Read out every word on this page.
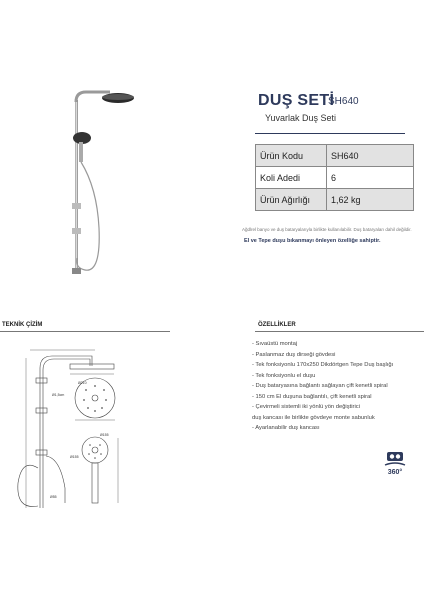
DUŞ SETİ
SH640
Yuvarlak Duş Seti
Ürün Kodu	SH640
Koli Adedi	6
Ürün Ağırlığı	1,62 kg
Ağdlrel banyo ve duş bataryalarıyla birlikte kullanılabilir. Duş bataryaları dahil değildir.
El ve Tepe duşu bıkanmayı önleyen özelliğe sahiptir.
TEKNİK ÇİZİM	ÖZELLİKLER
Ø1,5cm
Ø210
Ø155
Ø155
Ø55
- Sıvaüstü montaj
- Paslanmaz duş dirseği gövdesi
- Tek fonksiyonlu 170x250 Dikdörtgen Tepe Duş başlığı
- Tek fonksiyonlu el duşu
- Duş bataryasına bağlantı sağlayan çift kenetli spiral
- 150 cm El duşuna bağlantılı, çift kenetli spiral
- Çevirmeli sistemli iki yönlü yön değiştirici
duş kancası ile birlikte gövdeye monte sabunluk
- Ayarlanabilir duş kancası
360°
